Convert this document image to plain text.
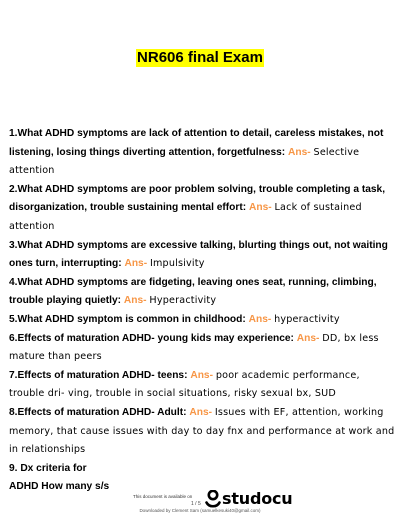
NR606 final Exam

1.What ADHD symptoms are lack of attention to detail, careless mistakes, not listening, losing things diverting attention, forgetfulness: Ans- Selective attention

2.What ADHD symptoms are poor problem solving, trouble completing a task, disorganization, trouble sustaining mental effort: Ans- Lack of sustained attention

3.What ADHD symptoms are excessive talking, blurting things out, not waiting ones turn, interrupting: Ans- Impulsivity

4.What ADHD symptoms are fidgeting, leaving ones seat, running, climbing, trouble playing quietly: Ans- Hyperactivity

5.What ADHD symptom is common in childhood: Ans- hyperactivity

6.Effects of maturation ADHD- young kids may experience: Ans- DD, bx less mature than peers

7.Effects of maturation ADHD- teens: Ans- poor academic performance, trouble dri- ving, trouble in social situations, risky sexual bx, SUD

8.Effects of maturation ADHD- Adult: Ans- Issues with EF, attention, working memory, that cause issues with day to day fnx and performance at work and in relationships

9. Dx criteria for

ADHD How many s/s

This document is available on
1 / 5 studocu
Downloaded by Clement Sam (samuelkesuki40@gmail.com)
